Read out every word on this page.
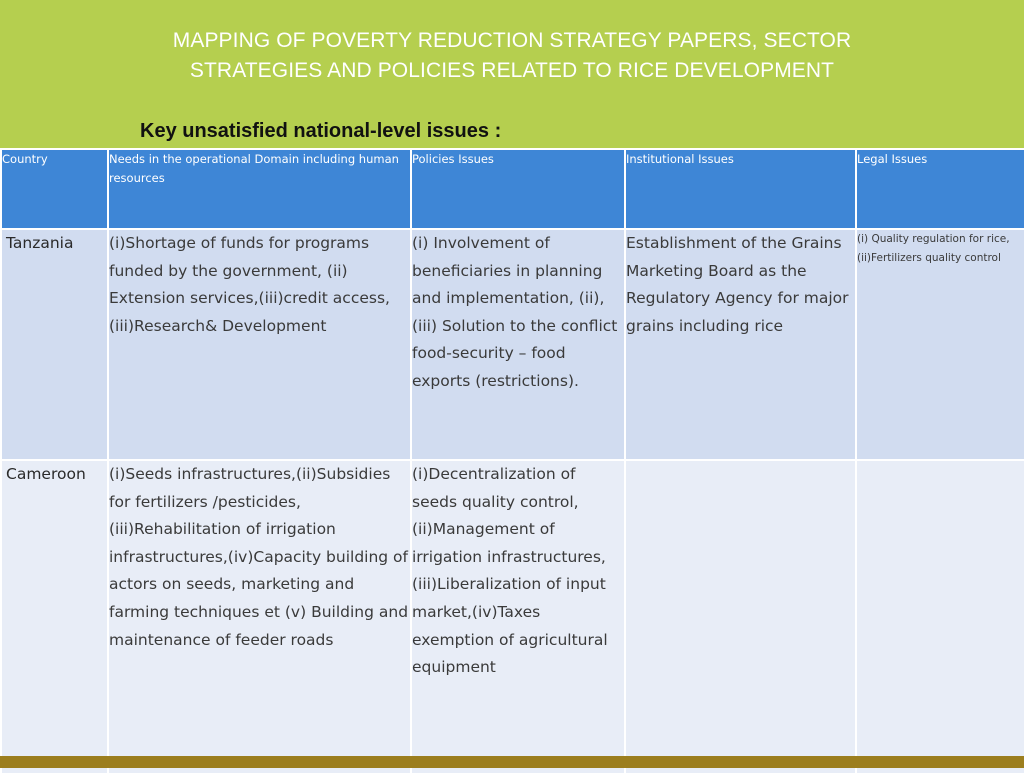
MAPPING OF POVERTY REDUCTION STRATEGY PAPERS, SECTOR
STRATEGIES AND POLICIES RELATED TO RICE DEVELOPMENT
Key unsatisfied national-level issues :
Country	Needs in the operational Domain including human resources	Policies Issues	Institutional Issues	Legal Issues
Tanzania	(i)Shortage of funds for programs funded by the government, (ii) Extension services,(iii)credit access,(iii)Research& Development	(i) Involvement of beneficiaries in planning and implementation, (ii), (iii) Solution to the conflict food-security – food exports (restrictions).	Establishment of the Grains Marketing Board as the Regulatory Agency for major grains including rice	(i) Quality regulation for rice, (ii)Fertilizers quality control
Cameroon	(i)Seeds infrastructures,(ii)Subsidies for fertilizers /pesticides,(iii)Rehabilitation of irrigation infrastructures,(iv)Capacity building of actors on seeds, marketing and farming techniques et (v) Building and maintenance of feeder roads	(i)Decentralization of seeds quality control,(ii)Management of irrigation infrastructures,(iii)Liberalization of input market,(iv)Taxes exemption of agricultural equipment		
